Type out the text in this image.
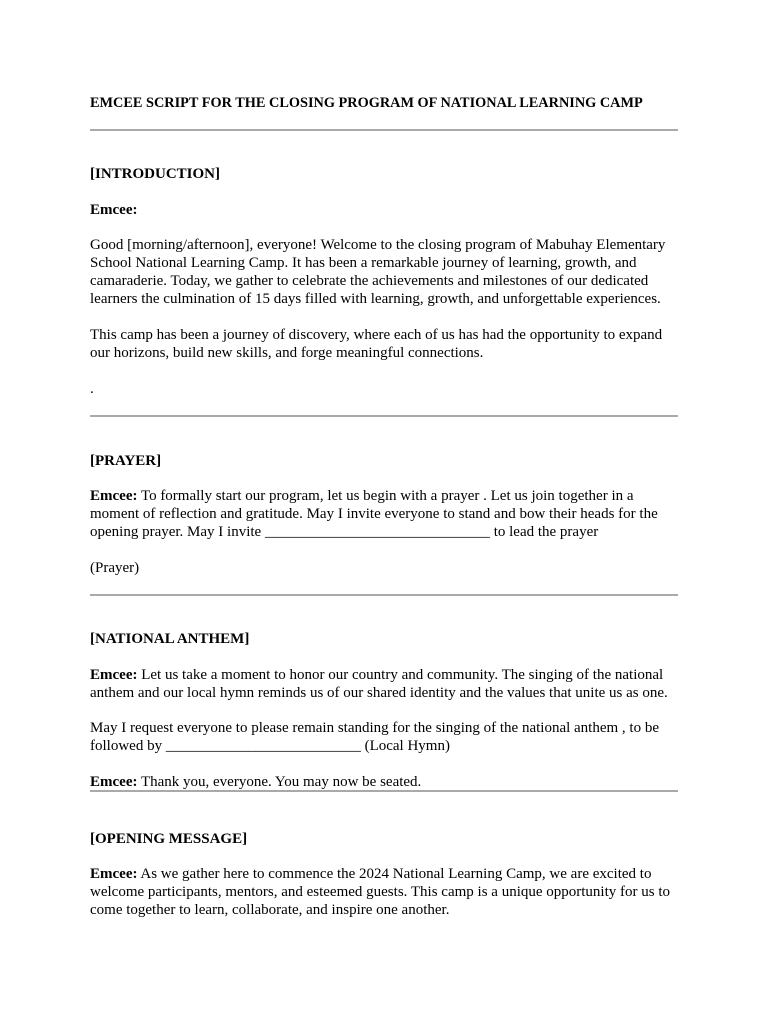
EMCEE SCRIPT FOR THE CLOSING PROGRAM OF NATIONAL LEARNING CAMP

[INTRODUCTION]

Emcee:

Good [morning/afternoon], everyone! Welcome to the closing program of Mabuhay Elementary School National Learning Camp. It has been a remarkable journey of learning, growth, and camaraderie. Today, we gather to celebrate the achievements and milestones of our dedicated learners the culmination of 15 days filled with learning, growth, and unforgettable experiences.

This camp has been a journey of discovery, where each of us has had the opportunity to expand our horizons, build new skills, and forge meaningful connections.

.

[PRAYER]

Emcee: To formally start our program, let us begin with a prayer . Let us join together in a moment of reflection and gratitude. May I invite everyone to stand and bow their heads for the opening prayer. May I invite ______________________________ to lead the prayer

(Prayer)

[NATIONAL ANTHEM]

Emcee: Let us take a moment to honor our country and community. The singing of the national anthem and our local hymn reminds us of our shared identity and the values that unite us as one.

May I request everyone to please remain standing for the singing of the national anthem , to be followed by __________________________ (Local Hymn)

Emcee: Thank you, everyone. You may now be seated.

[OPENING MESSAGE]

Emcee: As we gather here to commence the 2024 National Learning Camp, we are excited to welcome participants, mentors, and esteemed guests. This camp is a unique opportunity for us to come together to learn, collaborate, and inspire one another.
